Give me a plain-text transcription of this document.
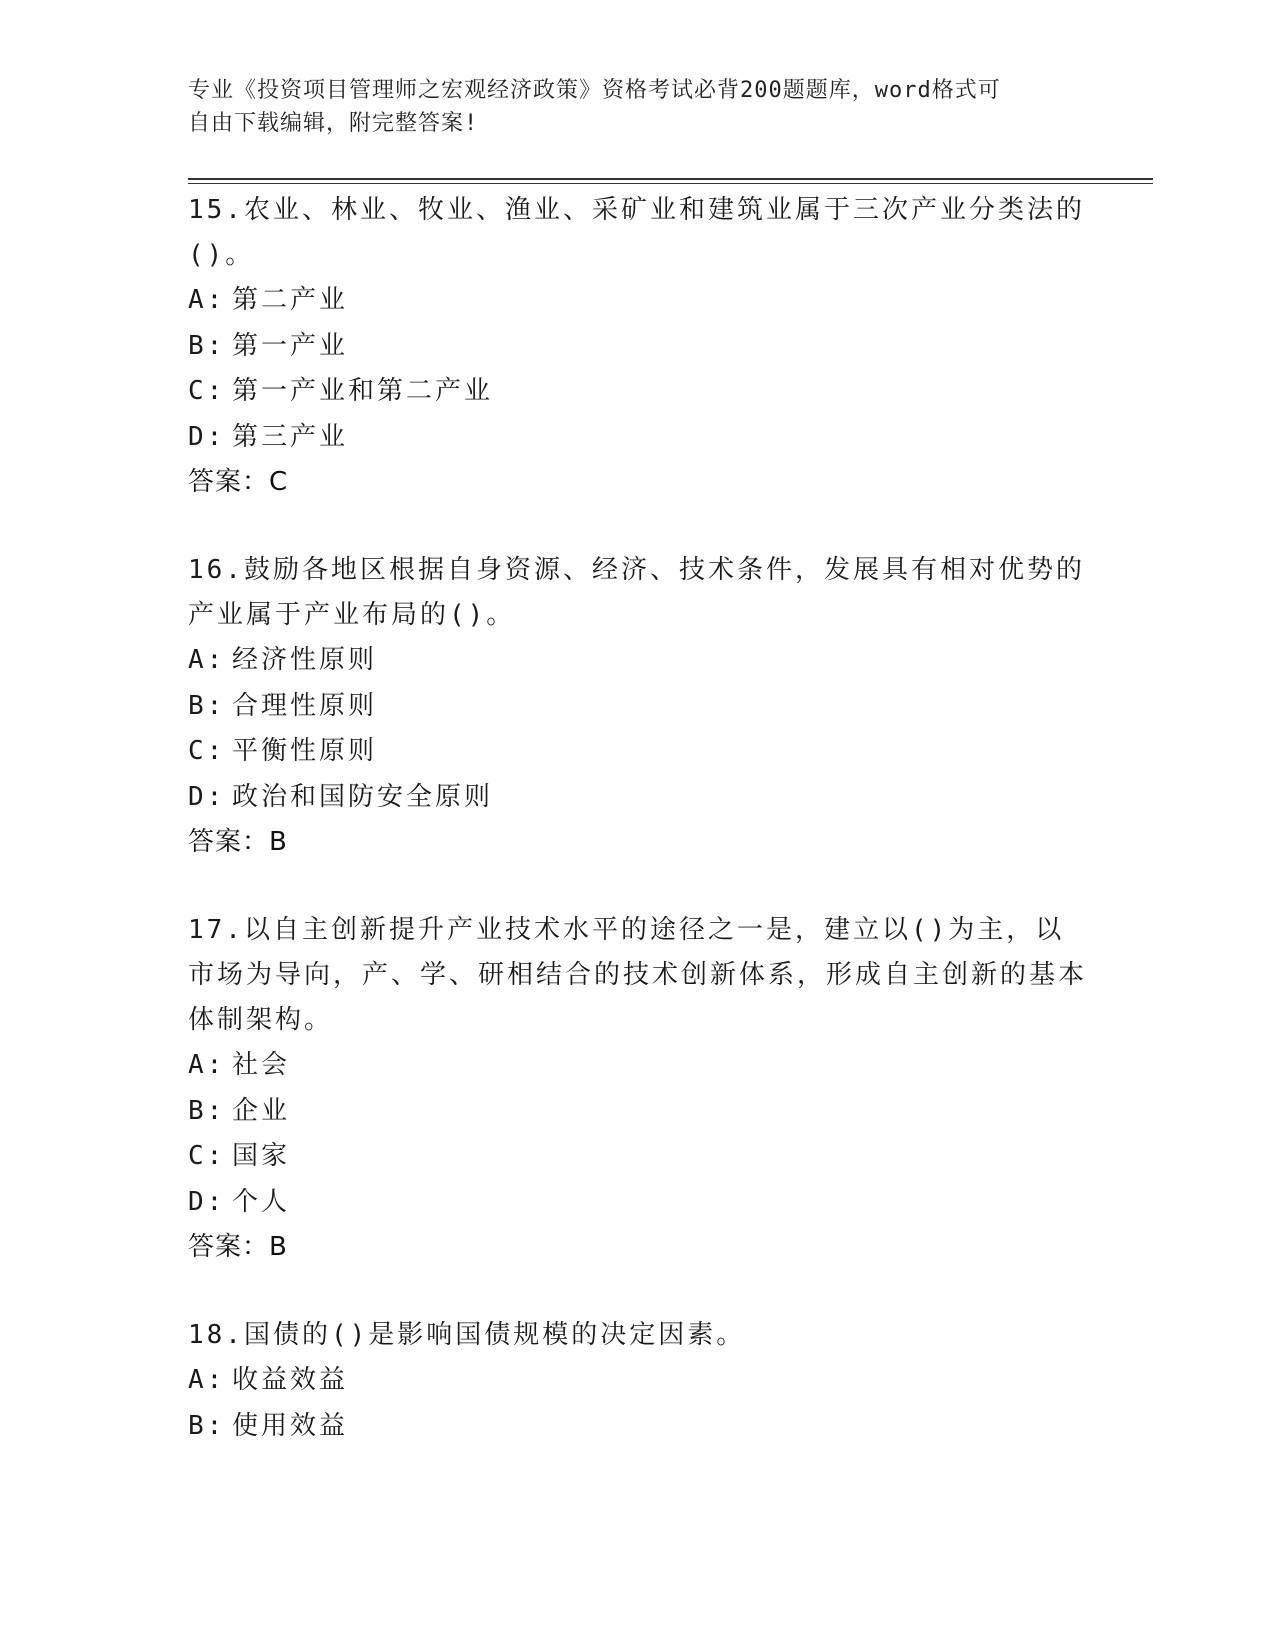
专业《投资项目管理师之宏观经济政策》资格考试必背200题题库，word格式可
自由下载编辑，附完整答案!

15.农业、林业、牧业、渔业、采矿业和建筑业属于三次产业分类法的()。

A: 第二产业

B: 第一产业

C: 第一产业和第二产业

D: 第三产业

答案：C

16.鼓励各地区根据自身资源、经济、技术条件，发展具有相对优势的产业属于产业布局的()。

A: 经济性原则

B: 合理性原则

C: 平衡性原则

D: 政治和国防安全原则

答案：B

17.以自主创新提升产业技术水平的途径之一是，建立以()为主，以市场为导向，产、学、研相结合的技术创新体系，形成自主创新的基本体制架构。

A: 社会

B: 企业

C: 国家

D: 个人

答案：B

18.国债的()是影响国债规模的决定因素。

A: 收益效益

B: 使用效益
